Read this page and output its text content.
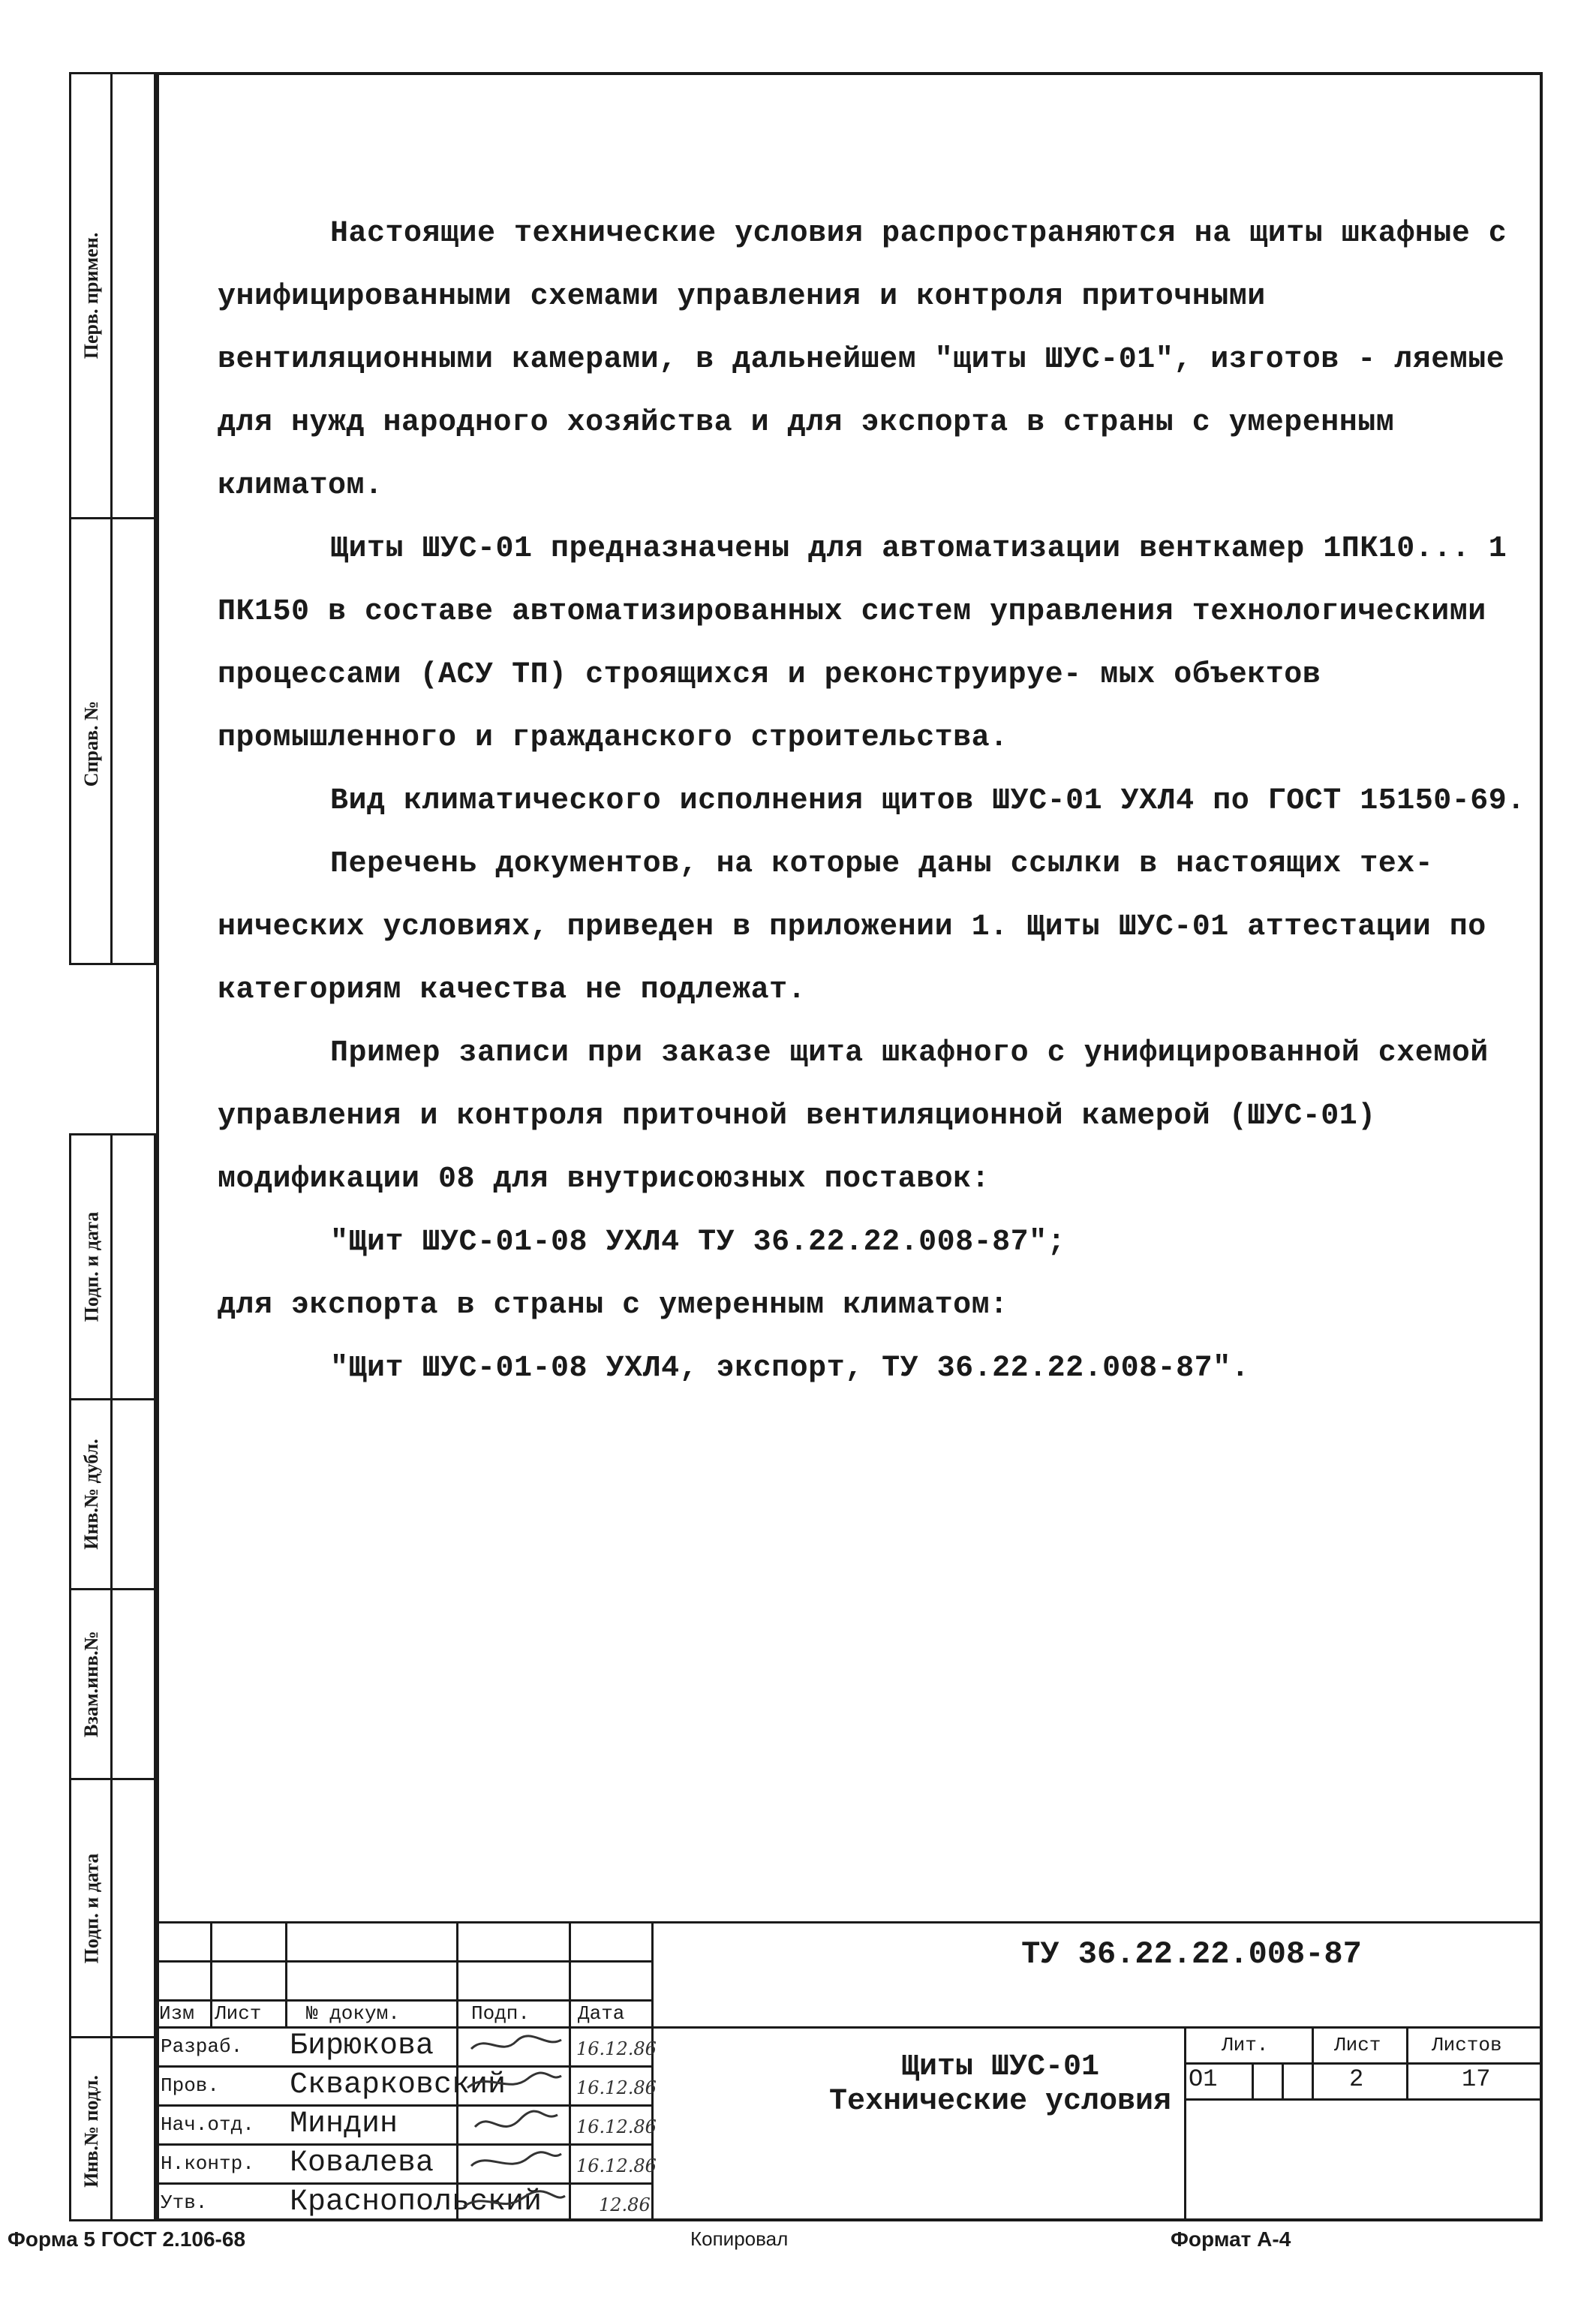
Перв. примен.
Справ. №
Подп. и дата
Инв.№ дубл.
Взам.инв.№
Подп. и дата
Инв.№ подл.

Настоящие технические условия распространяются на щиты шкафные с унифицированными схемами управления и контроля приточными вентиляционными камерами, в дальнейшем "щиты ШУС-01", изготов - ляемые для нужд народного хозяйства и для экспорта в страны с умеренным климатом.

Щиты ШУС-01 предназначены для автоматизации венткамер 1ПК10... 1 ПК150 в составе автоматизированных систем управления технологическими процессами (АСУ ТП) строящихся и реконструируе- мых объектов промышленного и гражданского строительства.

Вид климатического исполнения щитов ШУС-01 УХЛ4 по ГОСТ 15150-69.

Перечень документов, на которые даны ссылки в настоящих тех- нических условиях, приведен в приложении 1. Щиты ШУС-01 аттестации по категориям качества не подлежат.

Пример записи при заказе щита шкафного с унифицированной схемой управления и контроля приточной вентиляционной камерой (ШУС-01) модификации 08 для внутрисоюзных поставок:

"Щит ШУС-01-08 УХЛ4 ТУ 36.22.22.008-87";

для экспорта в страны с умеренным климатом:

"Щит ШУС-01-08 УХЛ4, экспорт, ТУ 36.22.22.008-87".

ТУ 36.22.22.008-87
Изм Лист № докум.	Подп. Дата
Разраб. Бирюкова	16.12.86
Пров. Скварковский	16.12.86
Нач.отд. Миндин	16.12.86
Н.контр. Ковалева	16.12.86
Утв.	Краснопольский	12.86
Щиты ШУС-01
Технические условия
Лит.	Лист	Листов
О1	2	17
Форма 5 ГОСТ 2.106-68	Копировал	Формат А-4
